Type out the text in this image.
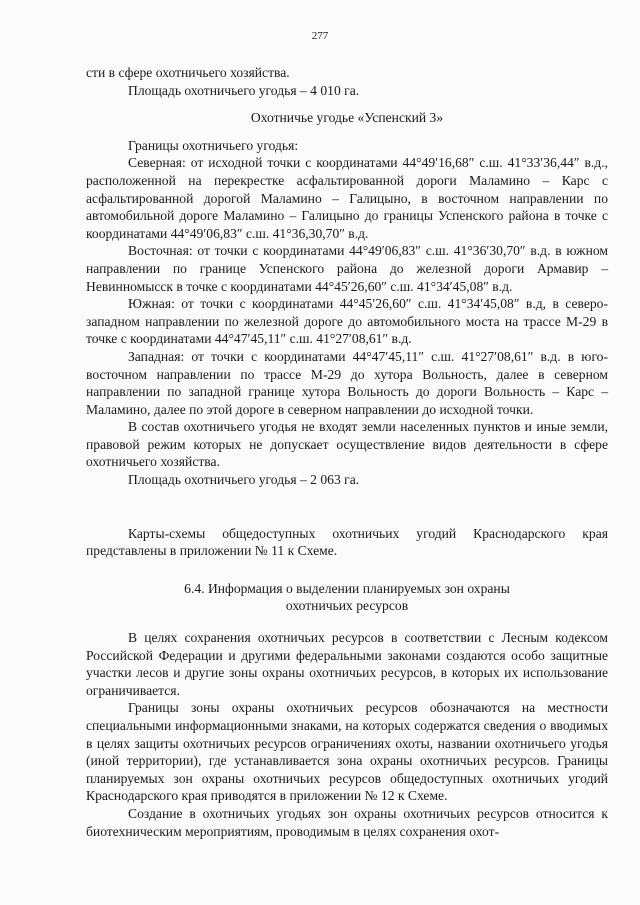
277

сти в сфере охотничьего хозяйства.

Площадь охотничьего угодья – 4 010 га.

Охотничье угодье «Успенский 3»

Границы охотничьего угодья:

Северная: от исходной точки с координатами 44°49′16,68″ с.ш. 41°33′36,44″ в.д., расположенной на перекрестке асфальтированной дороги Маламино – Карс с асфальтированной дорогой Маламино – Галицыно, в восточном направлении по автомобильной дороге Маламино – Галицыно до границы Успенского района в точке с координатами 44°49′06,83″ с.ш. 41°36,30,70″ в.д.

Восточная: от точки с координатами 44°49′06,83″ с.ш. 41°36′30,70″ в.д. в южном направлении по границе Успенского района до железной дороги Армавир – Невинномысск в точке с координатами 44°45′26,60″ с.ш. 41°34′45,08″ в.д.

Южная: от точки с координатами 44°45′26,60″ с.ш. 41°34′45,08″ в.д, в северо-западном направлении по железной дороге до автомобильного моста на трассе М-29 в точке с координатами 44°47′45,11″ с.ш. 41°27′08,61″ в.д.

Западная: от точки с координатами 44°47′45,11″ с.ш. 41°27′08,61″ в.д. в юго-восточном направлении по трассе М-29 до хутора Вольность, далее в северном направлении по западной границе хутора Вольность до дороги Вольность – Карс – Маламино, далее по этой дороге в северном направлении до исходной точки.

В состав охотничьего угодья не входят земли населенных пунктов и иные земли, правовой режим которых не допускает осуществление видов деятельности в сфере охотничьего хозяйства.

Площадь охотничьего угодья – 2 063 га.

Карты-схемы общедоступных охотничьих угодий Краснодарского края представлены в приложении № 11 к Схеме.

6.4. Информация о выделении планируемых зон охраны

охотничьих ресурсов

В целях сохранения охотничьих ресурсов в соответствии с Лесным кодексом Российской Федерации и другими федеральными законами создаются особо защитные участки лесов и другие зоны охраны охотничьих ресурсов, в которых их использование ограничивается.

Границы зоны охраны охотничьих ресурсов обозначаются на местности специальными информационными знаками, на которых содержатся сведения о вводимых в целях защиты охотничьих ресурсов ограничениях охоты, названии охотничьего угодья (иной территории), где устанавливается зона охраны охотничьих ресурсов. Границы планируемых зон охраны охотничьих ресурсов общедоступных охотничьих угодий Краснодарского края приводятся в приложении № 12 к Схеме.

Создание в охотничьих угодьях зон охраны охотничьих ресурсов относится к биотехническим мероприятиям, проводимым в целях сохранения охот-
